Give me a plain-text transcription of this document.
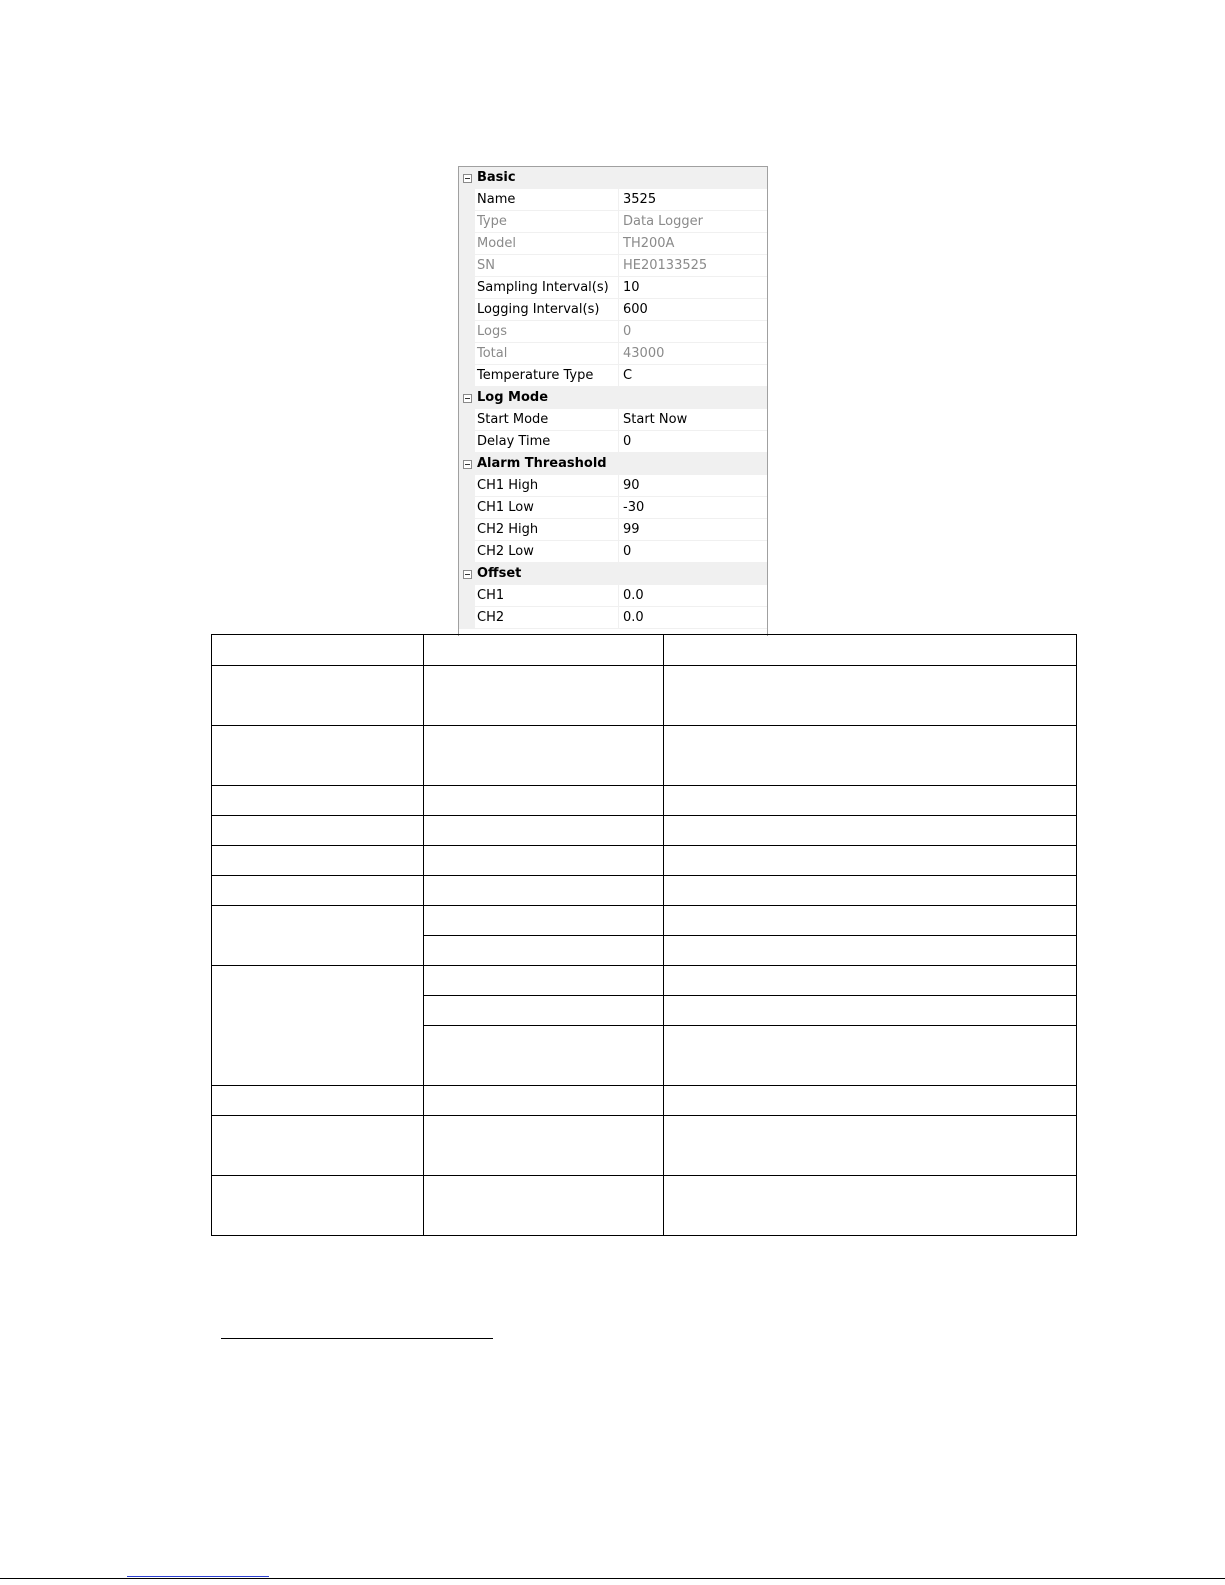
Basic
Name	3525
Type	Data Logger
Model	TH200A
SN	HE20133525
Sampling Interval(s)	10
Logging Interval(s)	600
Logs	0
Total	43000
Temperature Type	C
Log Mode
Start Mode	Start Now
Delay Time	0
Alarm Threashold
CH1 High	90
CH1 Low	-30
CH2 High	99
CH2 Low	0
Offset
CH1	0.0
CH2	0.0
